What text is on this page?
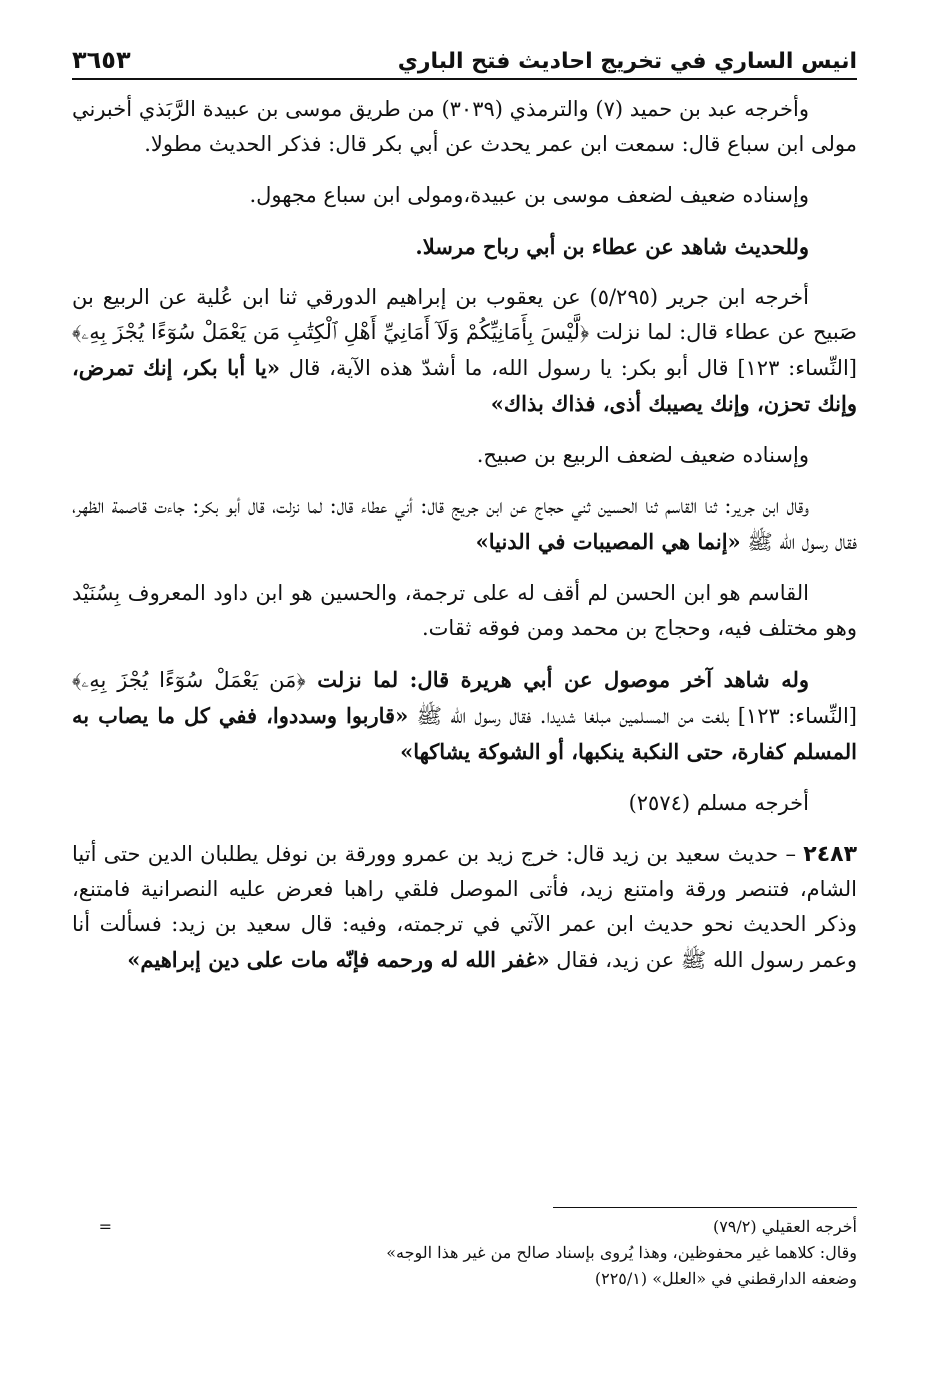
انيس الساري في تخريج احاديث فتح الباري
٣٦٥٣

وأخرجه عبد بن حميد (٧) والترمذي (٣٠٣٩) من طريق موسى بن عبيدة الرَّبَذي أخبرني مولى ابن سباع قال: سمعت ابن عمر يحدث عن أبي بكر قال: فذكر الحديث مطولا.

وإسناده ضعيف لضعف موسى بن عبيدة،ومولى ابن سباع مجهول.

وللحديث شاهد عن عطاء بن أبي رباح مرسلا.

أخرجه ابن جرير (٥/٢٩٥) عن يعقوب بن إبراهيم الدورقي ثنا ابن عُلية عن الربيع بن صَبيح عن عطاء قال: لما نزلت ﴿لَّيْسَ بِأَمَانِيِّكُمْ وَلَآ أَمَانِيِّ أَهْلِ ٱلْكِتَٰبِ مَن يَعْمَلْ سُوٓءًا يُجْزَ بِهِۦ﴾ [النِّساء: ١٢٣] قال أبو بكر: يا رسول الله، ما أشدّ هذه الآية، قال «يا أبا بكر، إنك تمرض، وإنك تحزن، وإنك يصيبك أذى، فذاك بذاك»

وإسناده ضعيف لضعف الربيع بن صبيح.

وقال ابن جرير: ثنا القاسم ثنا الحسين ثني حجاج عن ابن جريج قال: أني عطاء قال: لما نزلت، قال أبو بكر: جاءت قاصمة الظهر، فقال رسول الله ﷺ «إنما هي المصيبات في الدنيا»

القاسم هو ابن الحسن لم أقف له على ترجمة، والحسين هو ابن داود المعروف بِسُنَيْد وهو مختلف فيه، وحجاج بن محمد ومن فوقه ثقات.

وله شاهد آخر موصول عن أبي هريرة قال: لما نزلت ﴿مَن يَعْمَلْ سُوٓءًا يُجْزَ بِهِۦ﴾ [النِّساء: ١٢٣] بلغت من المسلمين مبلغا شديدا. فقال رسول الله ﷺ «قاربوا وسددوا، ففي كل ما يصاب به المسلم كفارة، حتى النكبة ينكبها، أو الشوكة يشاكها»

أخرجه مسلم (٢٥٧٤)

٢٤٨٣ – حديث سعيد بن زيد قال: خرج زيد بن عمرو وورقة بن نوفل يطلبان الدين حتى أتيا الشام، فتنصر ورقة وامتنع زيد، فأتى الموصل فلقي راهبا فعرض عليه النصرانية فامتنع، وذكر الحديث نحو حديث ابن عمر الآتي في ترجمته، وفيه: قال سعيد بن زيد: فسألت أنا وعمر رسول الله ﷺ عن زيد، فقال «غفر الله له ورحمه فإنّه مات على دين إبراهيم»

أخرجه العقيلي (٧٩/٢)
=

وقال: كلاهما غير محفوظين، وهذا يُروى بإسناد صالح من غير هذا الوجه»

وضعفه الدارقطني في «العلل» (٢٢٥/١)
